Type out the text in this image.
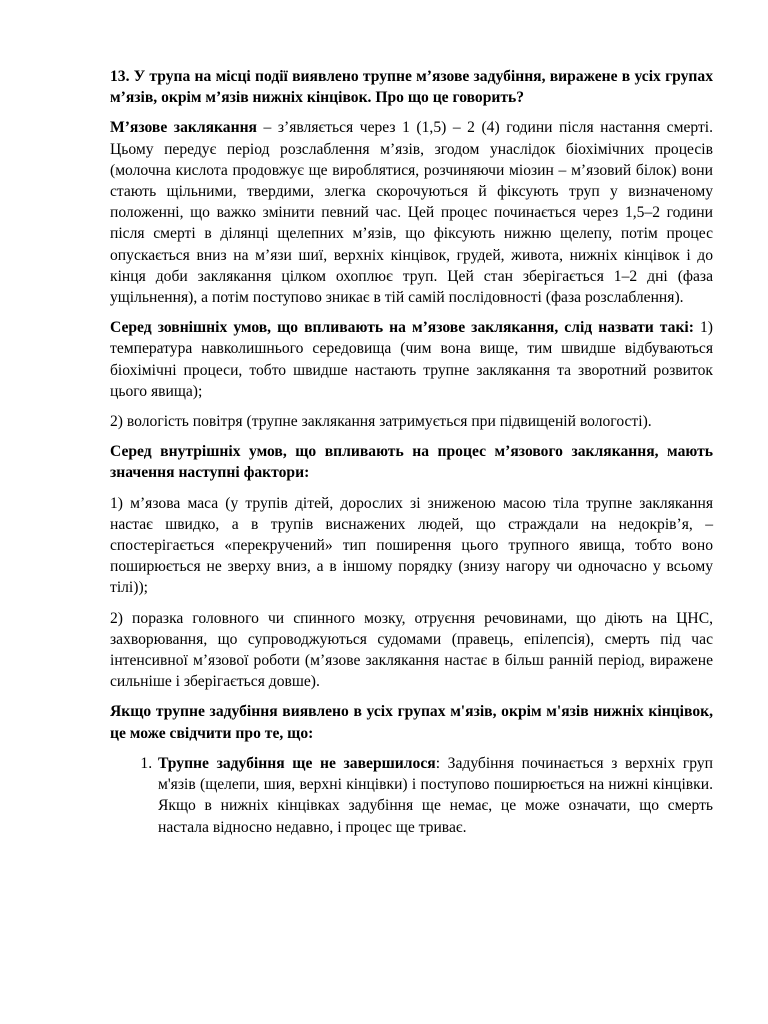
13. У трупа на місці події виявлено трупне м’язове задубіння, виражене в усіх групах м’язів, окрім м’язів нижніх кінцівок. Про що це говорить?

М’язове заклякання – з’являється через 1 (1,5) – 2 (4) години після настання смерті. Цьому передує період розслаблення м’язів, згодом унаслідок біохімічних процесів (молочна кислота продовжує ще вироблятися, розчиняючи міозин – м’язовий білок) вони стають щільними, твердими, злегка скорочуються й фіксують труп у визначеному положенні, що важко змінити певний час. Цей процес починається через 1,5–2 години після смерті в ділянці щелепних м’язів, що фіксують нижню щелепу, потім процес опускається вниз на м’язи шиї, верхніх кінцівок, грудей, живота, нижніх кінцівок і до кінця доби заклякання цілком охоплює труп. Цей стан зберігається 1–2 дні (фаза ущільнення), а потім поступово зникає в тій самій послідовності (фаза розслаблення).

Серед зовнішніх умов, що впливають на м’язове заклякання, слід назвати такі: 1) температура навколишнього середовища (чим вона вище, тим швидше відбуваються біохімічні процеси, тобто швидше настають трупне заклякання та зворотний розвиток цього явища);

2) вологість повітря (трупне заклякання затримується при підвищеній вологості).

Серед внутрішніх умов, що впливають на процес м’язового заклякання, мають значення наступні фактори:

1) м’язова маса (у трупів дітей, дорослих зі зниженою масою тіла трупне заклякання настає швидко, а в трупів виснажених людей, що страждали на недокрів’я, – спостерігається «перекручений» тип поширення цього трупного явища, тобто воно поширюється не зверху вниз, а в іншому порядку (знизу нагору чи одночасно у всьому тілі));

2) поразка головного чи спинного мозку, отруєння речовинами, що діють на ЦНС, захворювання, що супроводжуються судомами (правець, епілепсія), смерть під час інтенсивної м’язової роботи (м’язове заклякання настає в більш ранній період, виражене сильніше і зберігається довше).

Якщо трупне задубіння виявлено в усіх групах м'язів, окрім м'язів нижніх кінцівок, це може свідчити про те, що:

1. Трупне задубіння ще не завершилося: Задубіння починається з верхніх груп м'язів (щелепи, шия, верхні кінцівки) і поступово поширюється на нижні кінцівки. Якщо в нижніх кінцівках задубіння ще немає, це може означати, що смерть настала відносно недавно, і процес ще триває.
